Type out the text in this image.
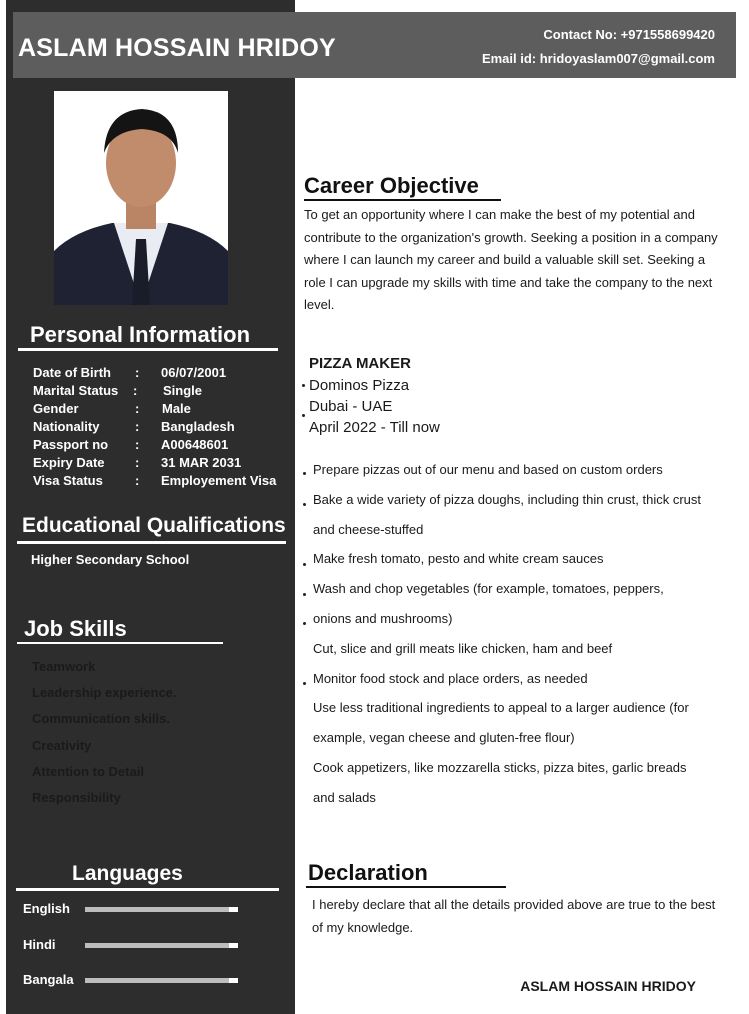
ASLAM HOSSAIN HRIDOY	Contact No: +971558699420
Email id: hridoyaslam007@gmail.com
Personal Information
Date of Birth : 06/07/2001
Marital Status : Single
Gender	: Male
Nationality	: Bangladesh
Passport no : A00648601
Expiry Date : 31 MAR 2031
Visa Status : Employement Visa
Educational Qualifications
Higher Secondary School
Job Skills
Teamwork
Leadership experience.
Communication skills.
Creativity
Attention to Detail
Responsibility
Languages
English
Hindi
Bangala
Career Objective
To get an opportunity where I can make the best of my potential and contribute to the organization's growth. Seeking a position in a company where I can launch my career and build a valuable skill set. Seeking a role I can upgrade my skills with time and take the company to the next level.
PIZZA MAKER
Dominos Pizza
Dubai - UAE
April 2022 - Till now
Prepare pizzas out of our menu and based on custom orders
Bake a wide variety of pizza doughs, including thin crust, thick crust
and cheese-stuffed
Make fresh tomato, pesto and white cream sauces
Wash and chop vegetables (for example, tomatoes, peppers,
onions and mushrooms)
Cut, slice and grill meats like chicken, ham and beef
Monitor food stock and place orders, as needed
Use less traditional ingredients to appeal to a larger audience (for
example, vegan cheese and gluten-free flour)
Cook appetizers, like mozzarella sticks, pizza bites, garlic breads
and salads
Declaration
I hereby declare that all the details provided above are true to the best of my knowledge.
ASLAM HOSSAIN HRIDOY
